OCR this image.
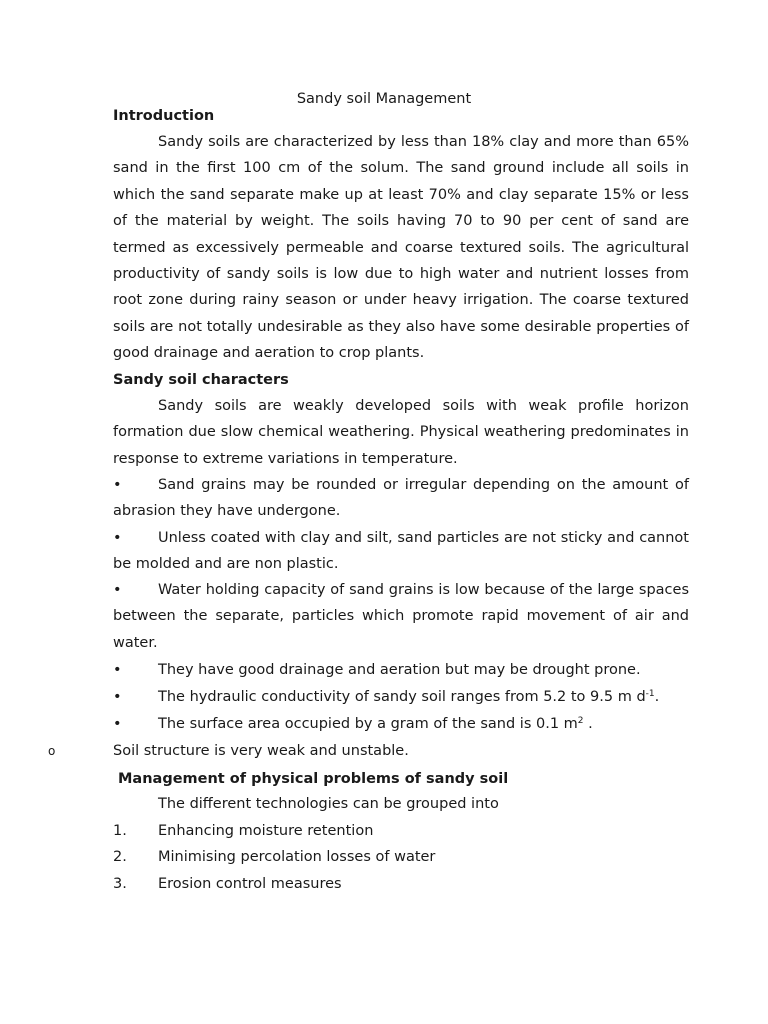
Sandy soil Management
Introduction

Sandy soils are characterized by less than 18% clay and more than 65% sand in the first 100 cm of the solum. The sand ground include all soils in which the sand separate make up at least 70% and clay separate 15% or less of the material by weight. The soils having 70 to 90 per cent of sand are termed as excessively permeable and coarse textured soils. The agricultural productivity of sandy soils is low due to high water and nutrient losses from root zone during rainy season or under heavy irrigation. The coarse textured soils are not totally undesirable as they also have some desirable properties of good drainage and aeration to crop plants.

Sandy soil characters

Sandy soils are weakly developed soils with weak profile horizon formation due slow chemical weathering. Physical weathering predominates in response to extreme variations in temperature.

•	Sand grains may be rounded or irregular depending on the amount of abrasion they have undergone.

•	Unless coated with clay and silt, sand particles are not sticky and cannot be molded and are non plastic.

•	Water holding capacity of sand grains is low because of the large spaces between the separate, particles which promote rapid movement of air and water.

•	They have good drainage and aeration but may be drought prone.

•	The hydraulic conductivity of sandy soil ranges from 5.2 to 9.5 m $d^{-1}$.

•	The surface area occupied by a gram of the sand is 0.1 $m^2$ .

o	Soil structure is very weak and unstable.
Management of physical problems of sandy soil

The different technologies can be grouped into

1. Enhancing moisture retention

2. Minimising percolation losses of water

3. Erosion control measures
